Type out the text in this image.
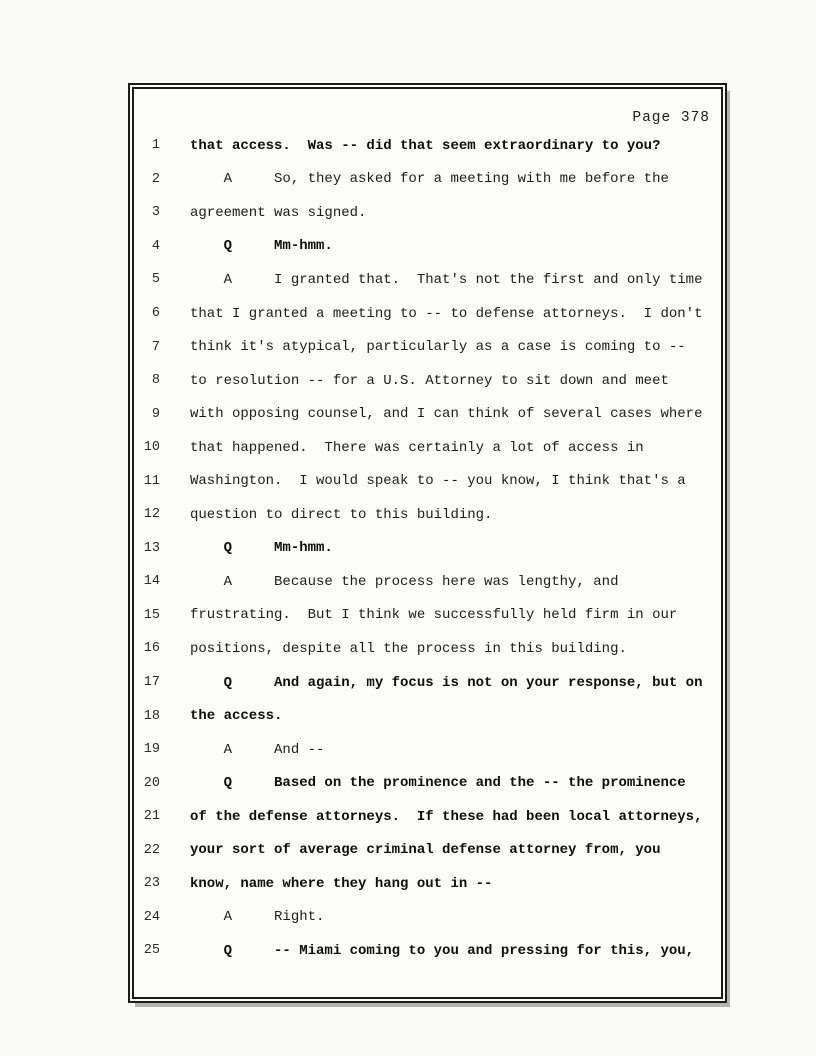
Page 378
1 that access.  Was -- did that seem extraordinary to you?
2 A     So, they asked for a meeting with me before the
3 agreement was signed.
4 Q     Mm-hmm.
5 A     I granted that.  That's not the first and only time
6 that I granted a meeting to -- to defense attorneys.  I don't
7 think it's atypical, particularly as a case is coming to --
8 to resolution -- for a U.S. Attorney to sit down and meet
9 with opposing counsel, and I can think of several cases where
10 that happened.  There was certainly a lot of access in
11 Washington.  I would speak to -- you know, I think that's a
12 question to direct to this building.
13 Q     Mm-hmm.
14 A     Because the process here was lengthy, and
15 frustrating.  But I think we successfully held firm in our
16 positions, despite all the process in this building.
17 Q     And again, my focus is not on your response, but on
18 the access.
19 A     And --
20 Q     Based on the prominence and the -- the prominence
21 of the defense attorneys.  If these had been local attorneys,
22 your sort of average criminal defense attorney from, you
23 know, name where they hang out in --
24 A     Right.
25 Q     -- Miami coming to you and pressing for this, you,
